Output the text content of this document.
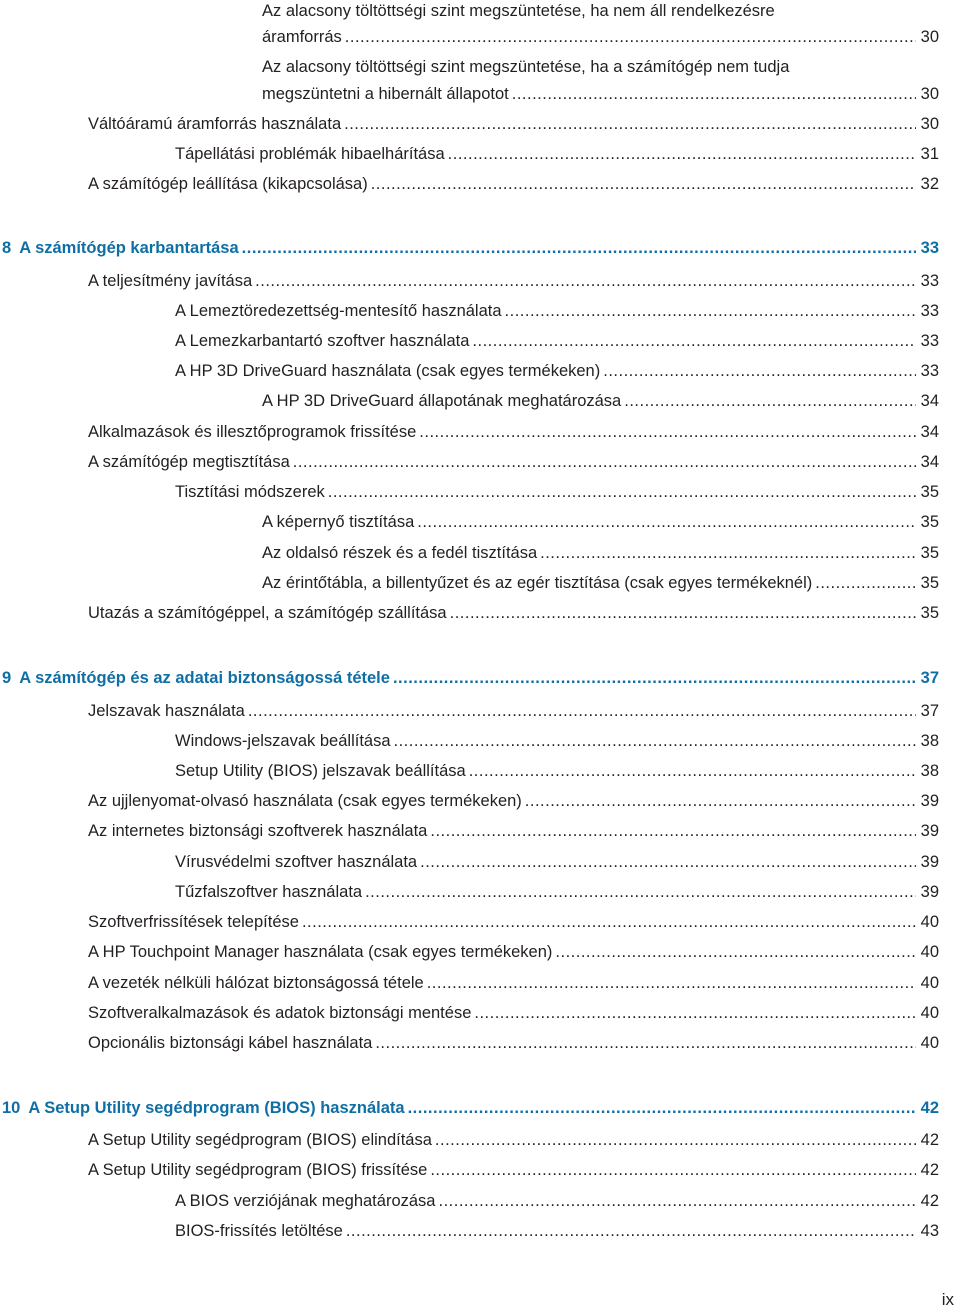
Az alacsony töltöttségi szint megszüntetése, ha nem áll rendelkezésre
áramforrás .....	30
Az alacsony töltöttségi szint megszüntetése, ha a számítógép nem tudja
megszüntetni a hibernált állapotot .....	30
Váltóáramú áramforrás használata .....	30
Tápellátási problémák hibaelhárítása .....	31
A számítógép leállítása (kikapcsolása) .....	32
8 A számítógép karbantartása .....	33
A teljesítmény javítása .....	33
A Lemeztöredezettség-mentesítő használata .....	33
A Lemezkarbantartó szoftver használata .....	33
A HP 3D DriveGuard használata (csak egyes termékeken) .....	33
A HP 3D DriveGuard állapotának meghatározása .....	34
Alkalmazások és illesztőprogramok frissítése .....	34
A számítógép megtisztítása .....	34
Tisztítási módszerek .....	35
A képernyő tisztítása .....	35
Az oldalsó részek és a fedél tisztítása .....	35
Az érintőtábla, a billentyűzet és az egér tisztítása (csak egyes termékeknél) .....	35
Utazás a számítógéppel, a számítógép szállítása .....	35
9 A számítógép és az adatai biztonságossá tétele .....	37
Jelszavak használata .....	37
Windows-jelszavak beállítása .....	38
Setup Utility (BIOS) jelszavak beállítása .....	38
Az ujjlenyomat-olvasó használata (csak egyes termékeken) .....	39
Az internetes biztonsági szoftverek használata .....	39
Vírusvédelmi szoftver használata .....	39
Tűzfalszoftver használata .....	39
Szoftverfrissítések telepítése .....	40
A HP Touchpoint Manager használata (csak egyes termékeken) .....	40
A vezeték nélküli hálózat biztonságossá tétele .....	40
Szoftveralkalmazások és adatok biztonsági mentése .....	40
Opcionális biztonsági kábel használata .....	40
10 A Setup Utility segédprogram (BIOS) használata .....	42
A Setup Utility segédprogram (BIOS) elindítása .....	42
A Setup Utility segédprogram (BIOS) frissítése .....	42
A BIOS verziójának meghatározása .....	42
BIOS-frissítés letöltése .....	43
ix
